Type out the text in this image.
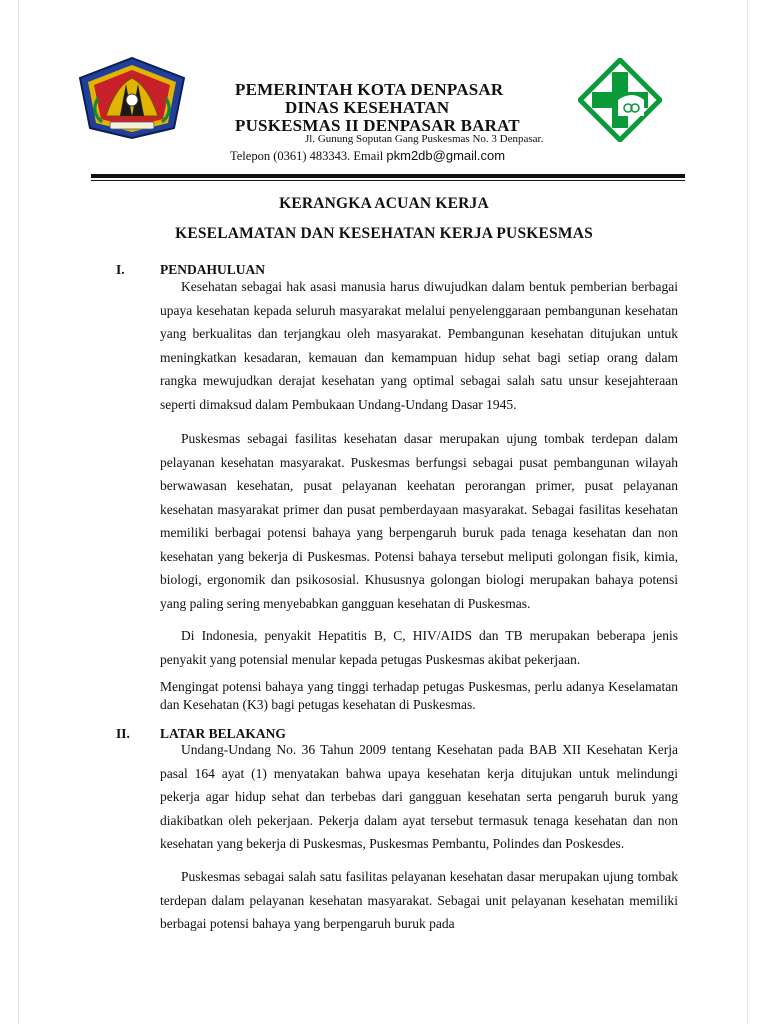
PEMERINTAH KOTA DENPASAR
DINAS KESEHATAN
PUSKESMAS II DENPASAR BARAT
Jl. Gunung Soputan Gang Puskesmas No. 3 Denpasar.
Telepon (0361) 483343. Email pkm2db@gmail.com
KERANGKA ACUAN KERJA
KESELAMATAN DAN KESEHATAN KERJA PUSKESMAS
I.	PENDAHULUAN

Kesehatan sebagai hak asasi manusia harus diwujudkan dalam bentuk pemberian berbagai upaya kesehatan kepada seluruh masyarakat melalui penyelenggaraan pembangunan kesehatan yang berkualitas dan terjangkau oleh masyarakat. Pembangunan kesehatan ditujukan untuk meningkatkan kesadaran, kemauan dan kemampuan hidup sehat bagi setiap orang dalam rangka mewujudkan derajat kesehatan yang optimal sebagai salah satu unsur kesejahteraan seperti dimaksud dalam Pembukaan Undang-Undang Dasar 1945.

Puskesmas sebagai fasilitas kesehatan dasar merupakan ujung tombak terdepan dalam pelayanan kesehatan masyarakat. Puskesmas berfungsi sebagai pusat pembangunan wilayah berwawasan kesehatan, pusat pelayanan keehatan perorangan primer, pusat pelayanan kesehatan masyarakat primer dan pusat pemberdayaan masyarakat. Sebagai fasilitas kesehatan memiliki berbagai potensi bahaya yang berpengaruh buruk pada tenaga kesehatan dan non kesehatan yang bekerja di Puskesmas. Potensi bahaya tersebut meliputi golongan fisik, kimia, biologi, ergonomik dan psikososial. Khususnya golongan biologi merupakan bahaya potensi yang paling sering menyebabkan gangguan kesehatan di Puskesmas.

Di Indonesia, penyakit Hepatitis B, C, HIV/AIDS dan TB merupakan beberapa jenis penyakit yang potensial menular kepada petugas Puskesmas akibat pekerjaan.

Mengingat potensi bahaya yang tinggi terhadap petugas Puskesmas, perlu adanya Keselamatan dan Kesehatan (K3) bagi petugas kesehatan di Puskesmas.

II. LATAR BELAKANG

Undang-Undang No. 36 Tahun 2009 tentang Kesehatan pada BAB XII Kesehatan Kerja pasal 164 ayat (1) menyatakan bahwa upaya kesehatan kerja ditujukan untuk melindungi pekerja agar hidup sehat dan terbebas dari gangguan kesehatan serta pengaruh buruk yang diakibatkan oleh pekerjaan. Pekerja dalam ayat tersebut termasuk tenaga kesehatan dan non kesehatan yang bekerja di Puskesmas, Puskesmas Pembantu, Polindes dan Poskesdes.

Puskesmas sebagai salah satu fasilitas pelayanan kesehatan dasar merupakan ujung tombak terdepan dalam pelayanan kesehatan masyarakat. Sebagai unit pelayanan kesehatan memiliki berbagai potensi bahaya yang berpengaruh buruk pada
